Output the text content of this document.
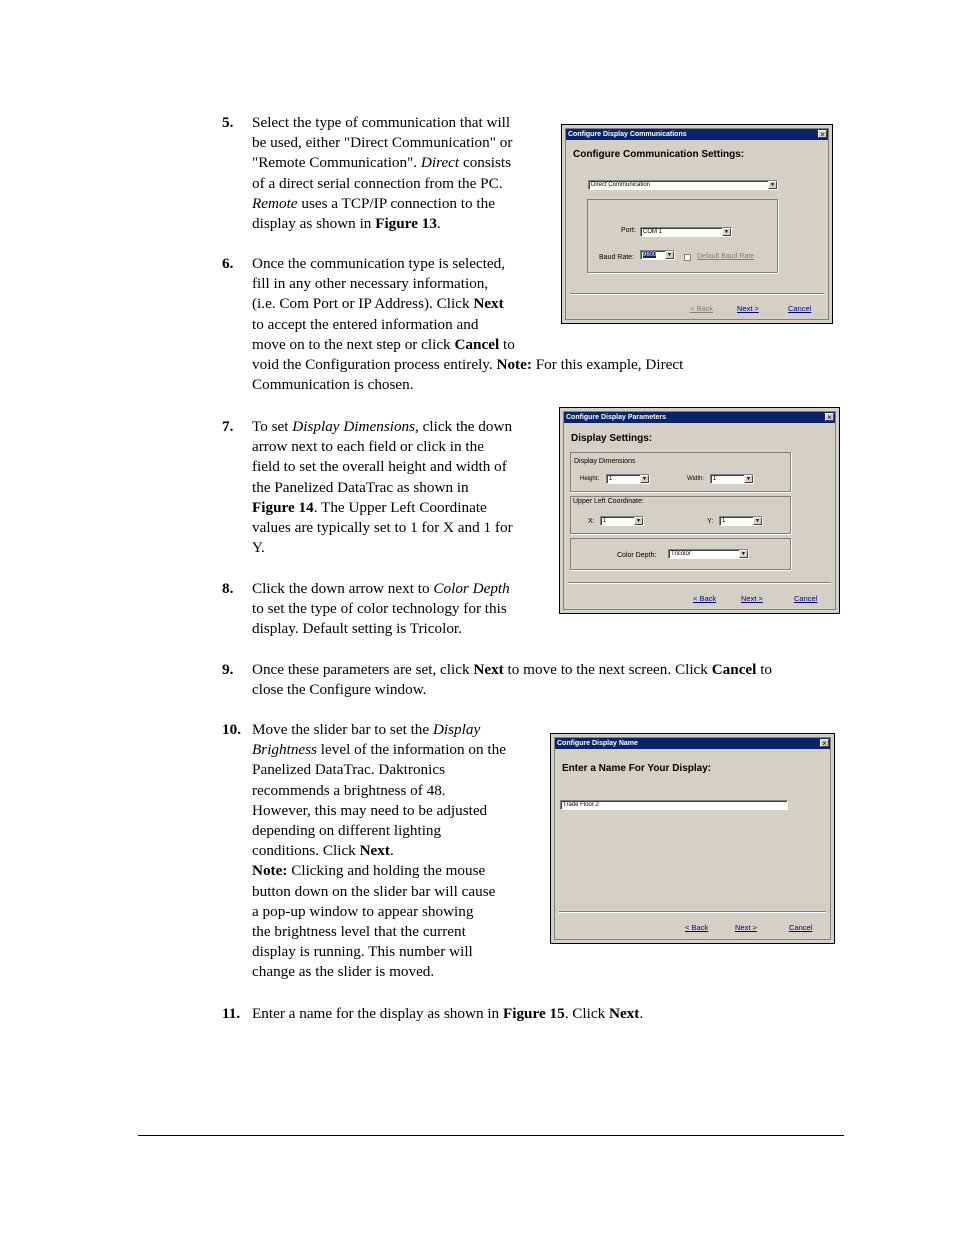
5. Select the type of communication that will
be used, either "Direct Communication" or
"Remote Communication". Direct consists
of a direct serial connection from the PC.
Remote uses a TCP/IP connection to the
display as shown in Figure 13.
6. Once the communication type is selected,
fill in any other necessary information,
(i.e. Com Port or IP Address). Click Next
to accept the entered information and
move on to the next step or click Cancel to
void the Configuration process entirely. Note: For this example, Direct
Communication is chosen.
7. To set Display Dimensions, click the down
arrow next to each field or click in the
field to set the overall height and width of
the Panelized DataTrac as shown in
Figure 14. The Upper Left Coordinate
values are typically set to 1 for X and 1 for
Y.
8. Click the down arrow next to Color Depth
to set the type of color technology for this
display. Default setting is Tricolor.
9. Once these parameters are set, click Next to move to the next screen. Click Cancel to
close the Configure window.
10. Move the slider bar to set the Display
Brightness level of the information on the
Panelized DataTrac. Daktronics
recommends a brightness of 48.
However, this may need to be adjusted
depending on different lighting
conditions. Click Next.
Note: Clicking and holding the mouse
button down on the slider bar will cause
a pop-up window to appear showing
the brightness level that the current
display is running. This number will
change as the slider is moved.
11. Enter a name for the display as shown in Figure 15. Click Next.
Configure Display Communications	×
Configure Communication Settings:
Direct Communication	▼
Port:	COM 1	▼
Baud Rate:	9600	▼	Default Baud Rate
< Back	Next >	Cancel
Configure Display Parameters	×
Display Settings:
Display Dimensions
Height:	1	▼	Width:	1	▼
Upper Left Coordinate:
X:	1	▼	Y:	1	▼
Color Depth:	Tricolor	▼
< Back	Next >	Cancel
Configure Display Name	×
Enter a Name For Your Display:
Trade Floor 2
< Back	Next >	Cancel
